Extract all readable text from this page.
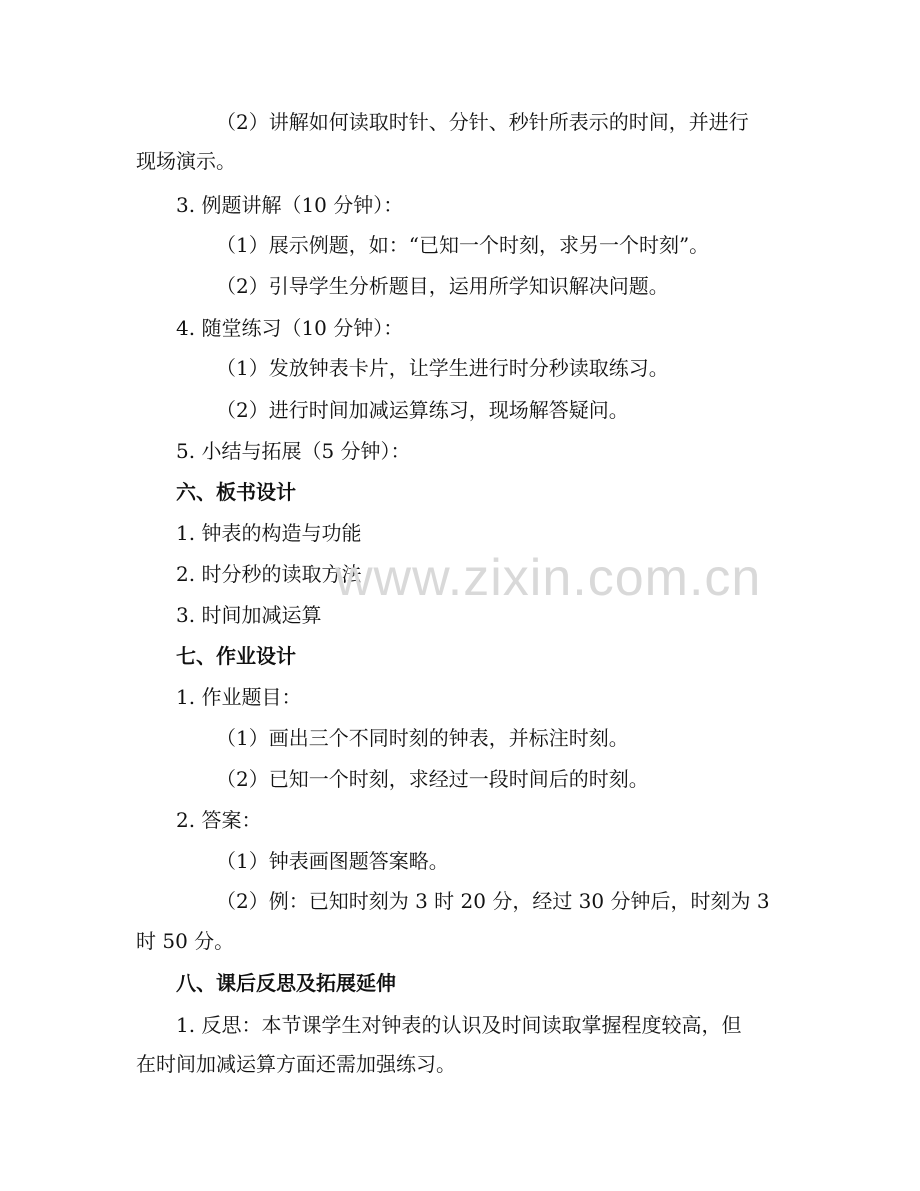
（2）讲解如何读取时针、分针、秒针所表示的时间，并进行
现场演示。
3. 例题讲解（10 分钟）：
（1）展示例题，如：“已知一个时刻，求另一个时刻”。
（2）引导学生分析题目，运用所学知识解决问题。
4. 随堂练习（10 分钟）：
（1）发放钟表卡片，让学生进行时分秒读取练习。
（2）进行时间加减运算练习，现场解答疑问。
5. 小结与拓展（5 分钟）：
六、板书设计
1. 钟表的构造与功能
2. 时分秒的读取方法
3. 时间加减运算
七、作业设计
1. 作业题目：
（1）画出三个不同时刻的钟表，并标注时刻。
（2）已知一个时刻，求经过一段时间后的时刻。
2. 答案：
（1）钟表画图题答案略。
（2）例：已知时刻为 3 时 20 分，经过 30 分钟后，时刻为 3
时 50 分。
八、课后反思及拓展延伸
1. 反思：本节课学生对钟表的认识及时间读取掌握程度较高，但
在时间加减运算方面还需加强练习。
www.zixin.com.cn
